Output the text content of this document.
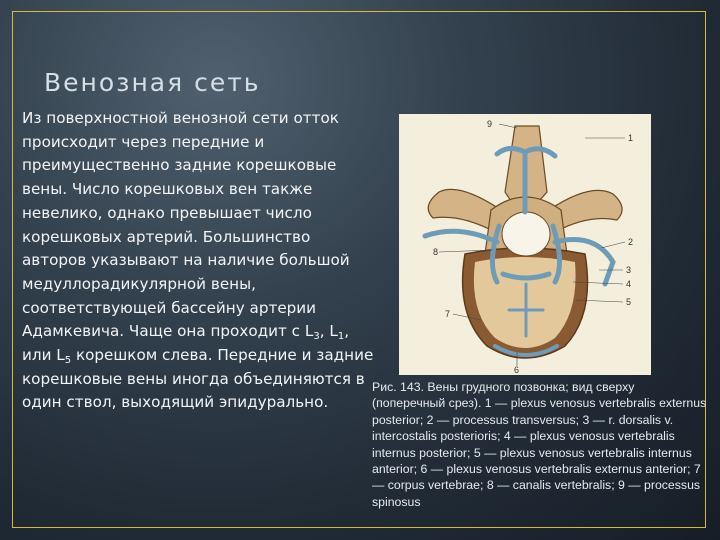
Венозная сеть

Из поверхностной венозной сети отток происходит через передние и преимущественно задние корешковые вены. Число корешковых вен также невелико, однако превышает число корешковых артерий. Большинство авторов указывают на наличие большой медуллорадикулярной вены, соответствующей бассейну артерии Адамкевича. Чаще она проходит с $L_3$, $L_1$, или $L_5$ корешком слева. Передние и задние корешковые вены иногда объединяются в один ствол, выходящий эпидурально.

9
8
2
3
4
5
6
7
1

Рис. 143. Вены грудного позвонка; вид сверху (поперечный срез). 1 — plexus venosus vertebralis externus posterior; 2 — processus transversus; 3 — r. dorsalis v. intercostalis posterioris; 4 — plexus venosus vertebralis internus posterior; 5 — plexus venosus vertebralis internus anterior; 6 — plexus venosus vertebralis externus anterior; 7 — corpus vertebrae; 8 — canalis vertebralis; 9 — processus spinosus
